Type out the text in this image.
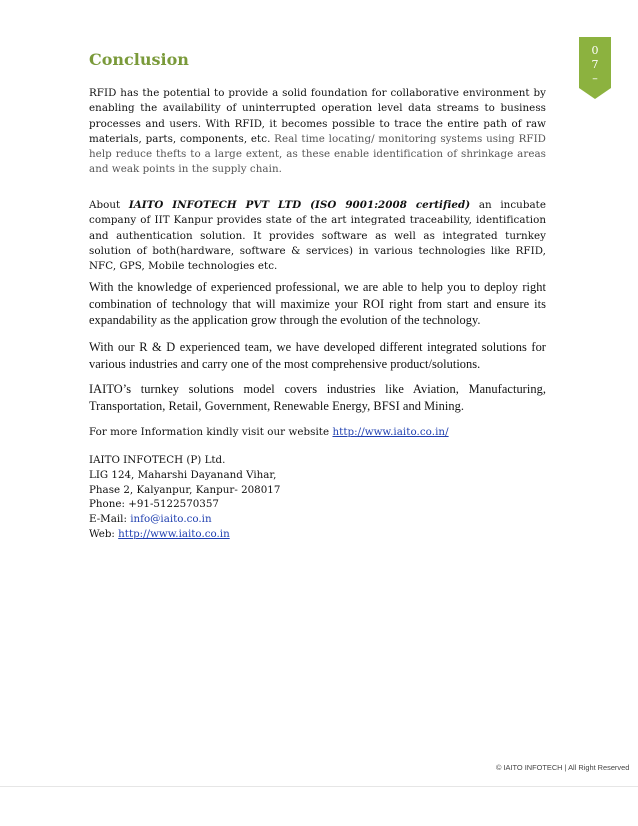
Conclusion	0
7
–

RFID has the potential to provide a solid foundation for collaborative environment by enabling the availability of uninterrupted operation level data streams to business processes and users. With RFID, it becomes possible to trace the entire path of raw materials, parts, components, etc. Real time locating/ monitoring systems using RFID help reduce thefts to a large extent, as these enable identification of shrinkage areas and weak points in the supply chain.

About IAITO INFOTECH PVT LTD (ISO 9001:2008 certified) an incubate company of IIT Kanpur provides state of the art integrated traceability, identification and authentication solution. It provides software as well as integrated turnkey solution of both(hardware, software & services) in various technologies like RFID, NFC, GPS, Mobile technologies etc.

With the knowledge of experienced professional, we are able to help you to deploy right combination of technology that will maximize your ROI right from start and ensure its expandability as the application grow through the evolution of the technology.

With our R & D experienced team, we have developed different integrated solutions for various industries and carry one of the most comprehensive product/solutions.

IAITO’s turnkey solutions model covers industries like Aviation, Manufacturing, Transportation, Retail, Government, Renewable Energy, BFSI and Mining.

For more Information kindly visit our website http://www.iaito.co.in/

IAITO INFOTECH (P) Ltd.
LIG 124, Maharshi Dayanand Vihar,
Phase 2, Kalyanpur, Kanpur- 208017
Phone: +91-5122570357
E-Mail: info@iaito.co.in
Web: http://www.iaito.co.in
© IAITO INFOTECH | All Right Reserved
